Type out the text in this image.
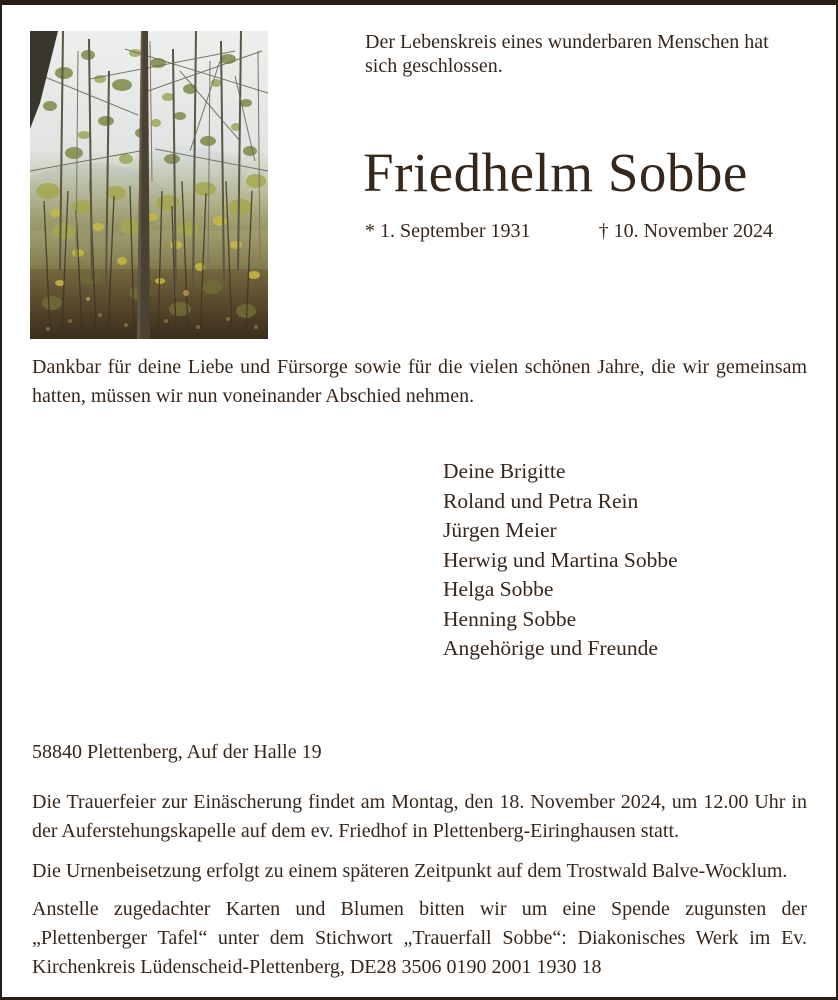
Der Lebenskreis eines wunderbaren Menschen hat sich geschlossen.
Friedhelm Sobbe
* 1. September 1931	† 10. November 2024

Dankbar für deine Liebe und Fürsorge sowie für die vielen schönen Jahre, die wir gemeinsam hatten, müssen wir nun voneinander Abschied nehmen.

Deine Brigitte
Roland und Petra Rein
Jürgen Meier
Herwig und Martina Sobbe
Helga Sobbe
Henning Sobbe
Angehörige und Freunde
58840 Plettenberg, Auf der Halle 19

Die Trauerfeier zur Einäscherung findet am Montag, den 18. November 2024, um 12.00 Uhr in der Auferstehungskapelle auf dem ev. Friedhof in Plettenberg-Eiringhausen statt.

Die Urnenbeisetzung erfolgt zu einem späteren Zeitpunkt auf dem Trostwald Balve-Wocklum.

Anstelle zugedachter Karten und Blumen bitten wir um eine Spende zugunsten der „Plettenberger Tafel“ unter dem Stichwort „Trauerfall Sobbe“: Diakonisches Werk im Ev. Kirchenkreis Lüdenscheid-Plettenberg, DE28 3506 0190 2001 1930 18
